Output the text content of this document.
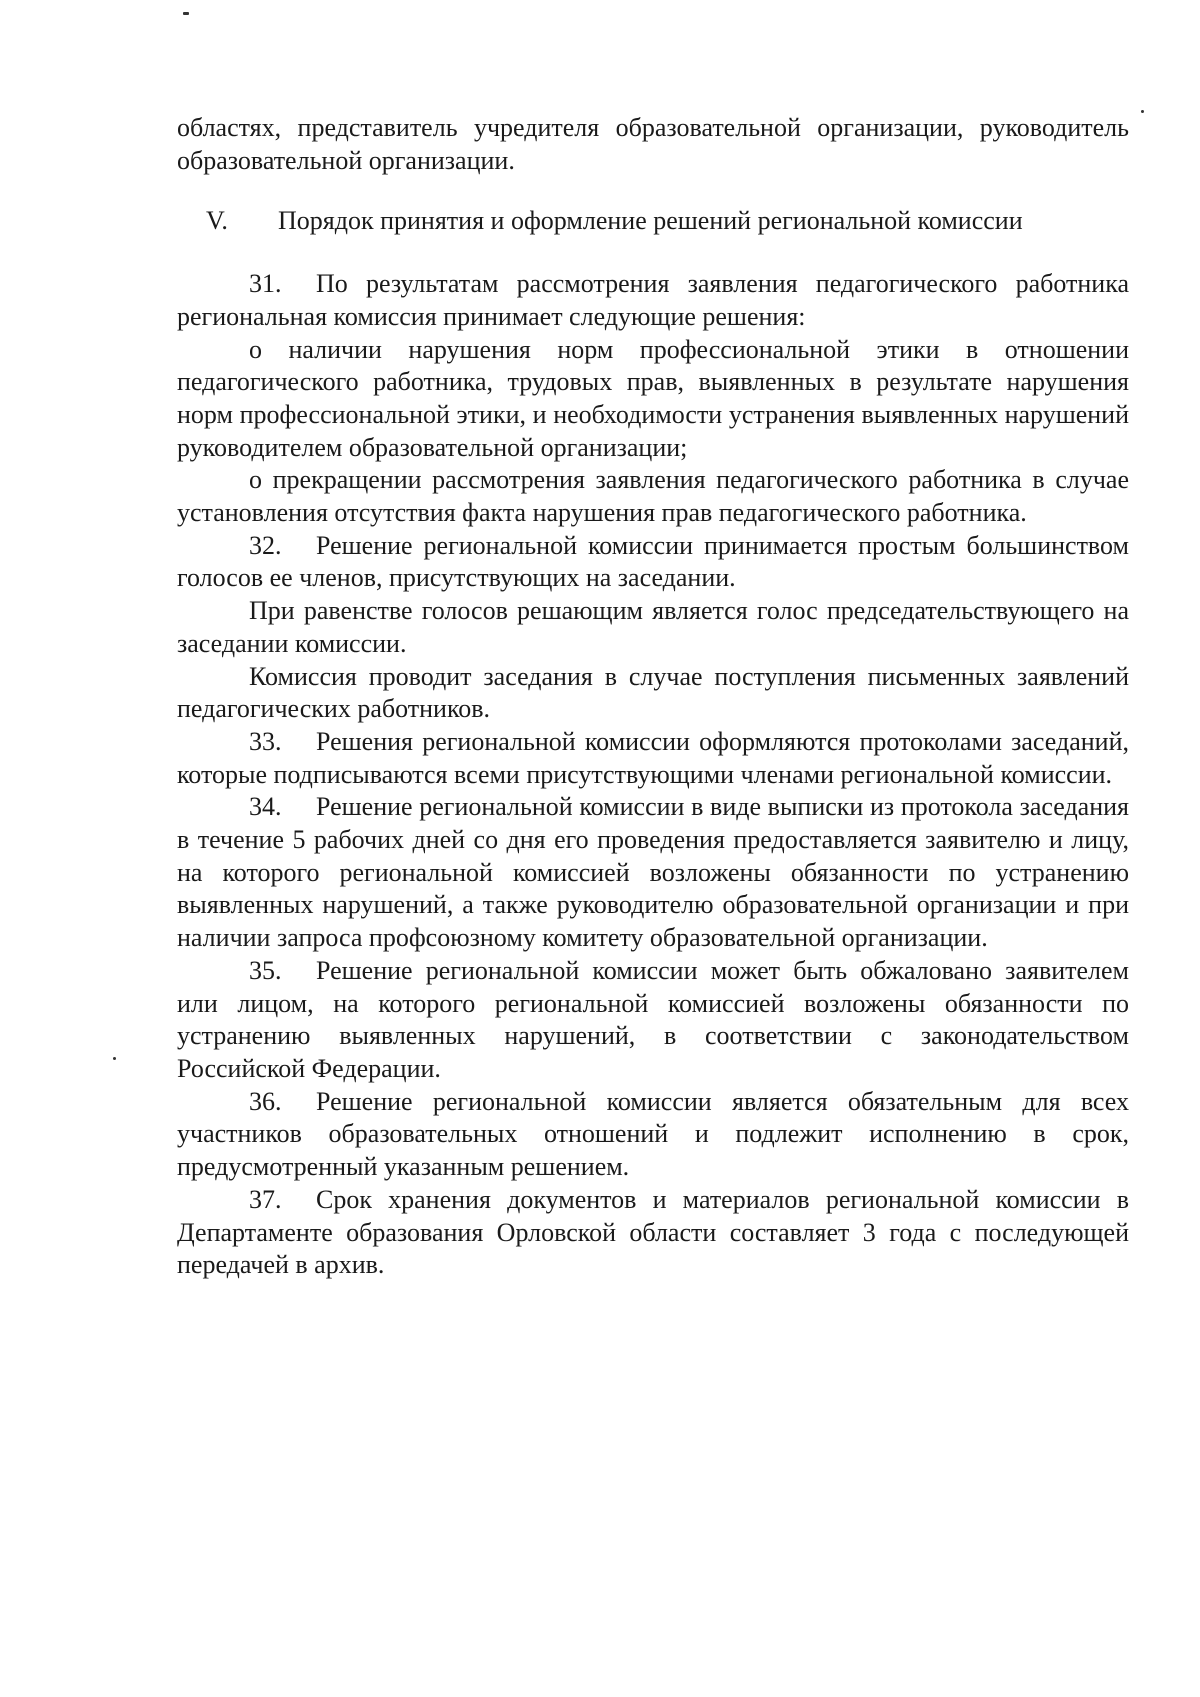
областях, представитель учредителя образовательной организации, руководитель образовательной организации.

V.	Порядок принятия и оформление решений региональной комиссии

31. По результатам рассмотрения заявления педагогического работника региональная комиссия принимает следующие решения:

о наличии нарушения норм профессиональной этики в отношении педагогического работника, трудовых прав, выявленных в результате нарушения норм профессиональной этики, и необходимости устранения выявленных нарушений руководителем образовательной организации;

о прекращении рассмотрения заявления педагогического работника в случае установления отсутствия факта нарушения прав педагогического работника.

32. Решение региональной комиссии принимается простым большинством голосов ее членов, присутствующих на заседании.

При равенстве голосов решающим является голос председательствующего на заседании комиссии.

Комиссия проводит заседания в случае поступления письменных заявлений педагогических работников.

33. Решения региональной комиссии оформляются протоколами заседаний, которые подписываются всеми присутствующими членами региональной комиссии.

34. Решение региональной комиссии в виде выписки из протокола заседания в течение 5 рабочих дней со дня его проведения предоставляется заявителю и лицу, на которого региональной комиссией возложены обязанности по устранению выявленных нарушений, а также руководителю образовательной организации и при наличии запроса профсоюзному комитету образовательной организации.

35. Решение региональной комиссии может быть обжаловано заявителем или лицом, на которого региональной комиссией возложены обязанности по устранению выявленных нарушений, в соответствии с законодательством Российской Федерации.

36. Решение региональной комиссии является обязательным для всех участников образовательных отношений и подлежит исполнению в срок, предусмотренный указанным решением.

37. Срок хранения документов и материалов региональной комиссии в Департаменте образования Орловской области составляет 3 года с последующей передачей в архив.
